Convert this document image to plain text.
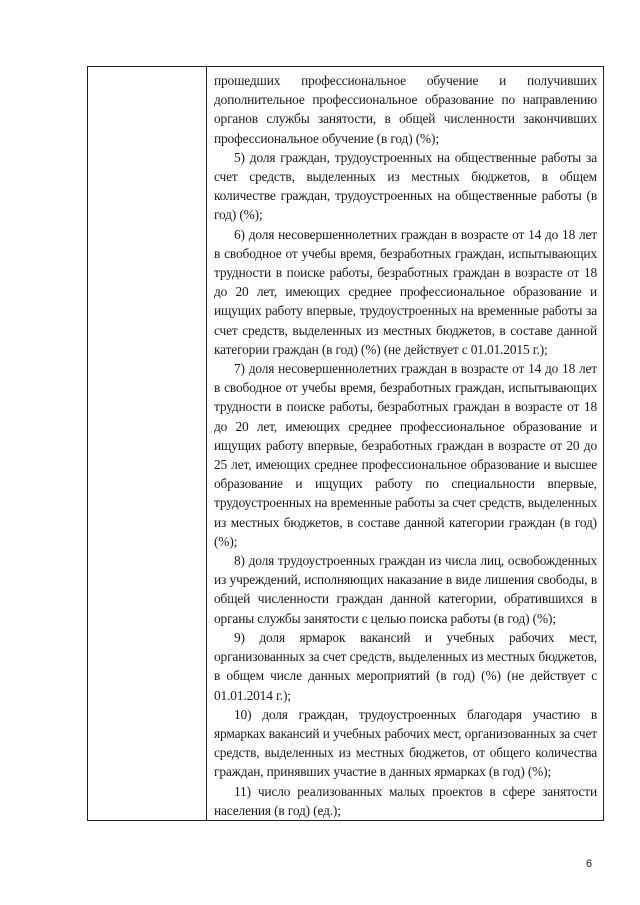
прошедших профессиональное обучение и получивших дополнительное профессиональное образование по направлению органов службы занятости, в общей численности закончивших профессиональное обучение (в год) (%);

5) доля граждан, трудоустроенных на общественные работы за счет средств, выделенных из местных бюджетов, в общем количестве граждан, трудоустроенных на общественные работы (в год) (%);

6) доля несовершеннолетних граждан в возрасте от 14 до 18 лет в свободное от учебы время, безработных граждан, испытывающих трудности в поиске работы, безработных граждан в возрасте от 18 до 20 лет, имеющих среднее профессиональное образование и ищущих работу впервые, трудоустроенных на временные работы за счет средств, выделенных из местных бюджетов, в составе данной категории граждан (в год) (%) (не действует с 01.01.2015 г.);

7) доля несовершеннолетних граждан в возрасте от 14 до 18 лет в свободное от учебы время, безработных граждан, испытывающих трудности в поиске работы, безработных граждан в возрасте от 18 до 20 лет, имеющих среднее профессиональное образование и ищущих работу впервые, безработных граждан в возрасте от 20 до 25 лет, имеющих среднее профессиональное образование и высшее образование и ищущих работу по специальности впервые, трудоустроенных на временные работы за счет средств, выделенных из местных бюджетов, в составе данной категории граждан (в год) (%);

8) доля трудоустроенных граждан из числа лиц, освобожденных из учреждений, исполняющих наказание в виде лишения свободы, в общей численности граждан данной категории, обратившихся в органы службы занятости с целью поиска работы (в год) (%);

9) доля ярмарок вакансий и учебных рабочих мест, организованных за счет средств, выделенных из местных бюджетов, в общем числе данных мероприятий (в год) (%) (не действует с 01.01.2014 г.);

10) доля граждан, трудоустроенных благодаря участию в ярмарках вакансий и учебных рабочих мест, организованных за счет средств, выделенных из местных бюджетов, от общего количества граждан, принявших участие в данных ярмарках (в год) (%);

11) число реализованных малых проектов в сфере занятости населения (в год) (ед.);

6
